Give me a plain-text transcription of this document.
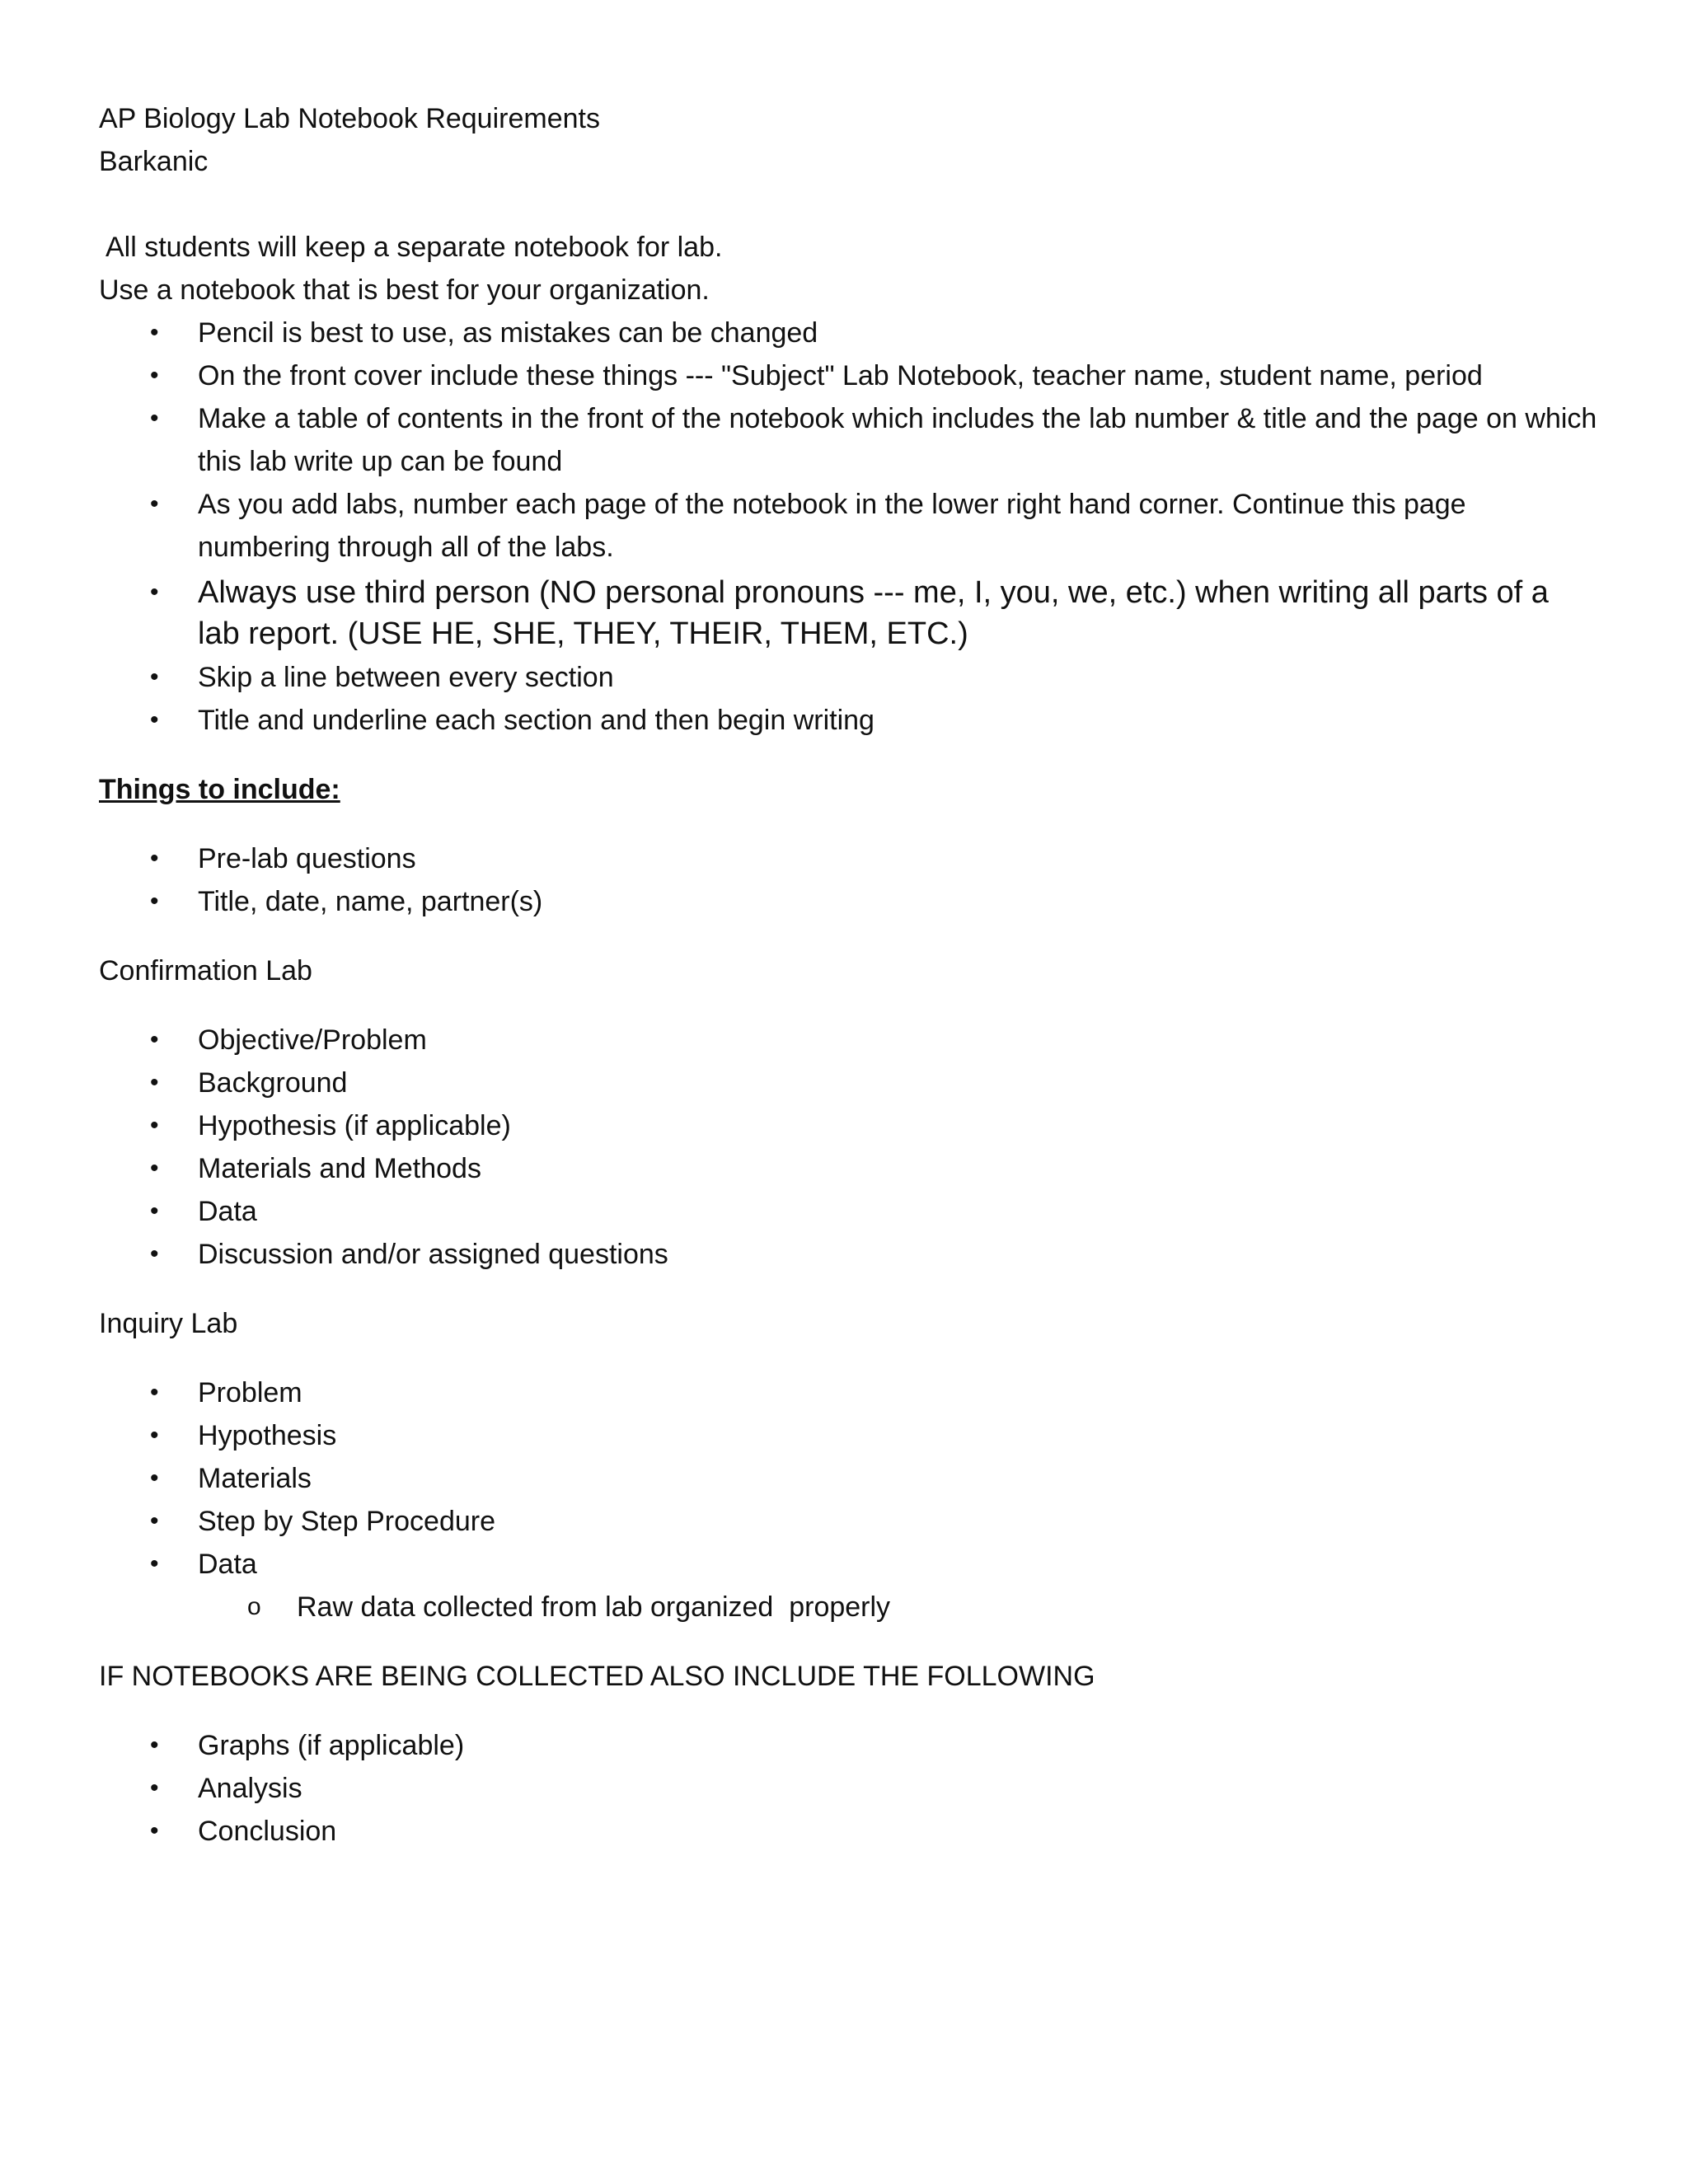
AP Biology Lab Notebook Requirements

Barkanic

All students will keep a separate notebook for lab.

Use a notebook that is best for your organization.

• Pencil is best to use, as mistakes can be changed
• On the front cover include these things --- "Subject" Lab Notebook, teacher name, student name, period
• Make a table of contents in the front of the notebook which includes the lab number & title and the page on which this lab write up can be found
• As you add labs, number each page of the notebook in the lower right hand corner. Continue this page numbering through all of the labs.
• Always use third person (NO personal pronouns --- me, I, you, we, etc.) when writing all parts of a lab report. (USE HE, SHE, THEY, THEIR, THEM, ETC.)
• Skip a line between every section
• Title and underline each section and then begin writing

Things to include:

• Pre-lab questions
• Title, date, name, partner(s)

Confirmation Lab

• Objective/Problem
• Background
• Hypothesis (if applicable)
• Materials and Methods
• Data
• Discussion and/or assigned questions

Inquiry Lab

• Problem
• Hypothesis
• Materials
• Step by Step Procedure
• Data
o Raw data collected from lab organized  properly

IF NOTEBOOKS ARE BEING COLLECTED ALSO INCLUDE THE FOLLOWING

• Graphs (if applicable)
• Analysis
• Conclusion
